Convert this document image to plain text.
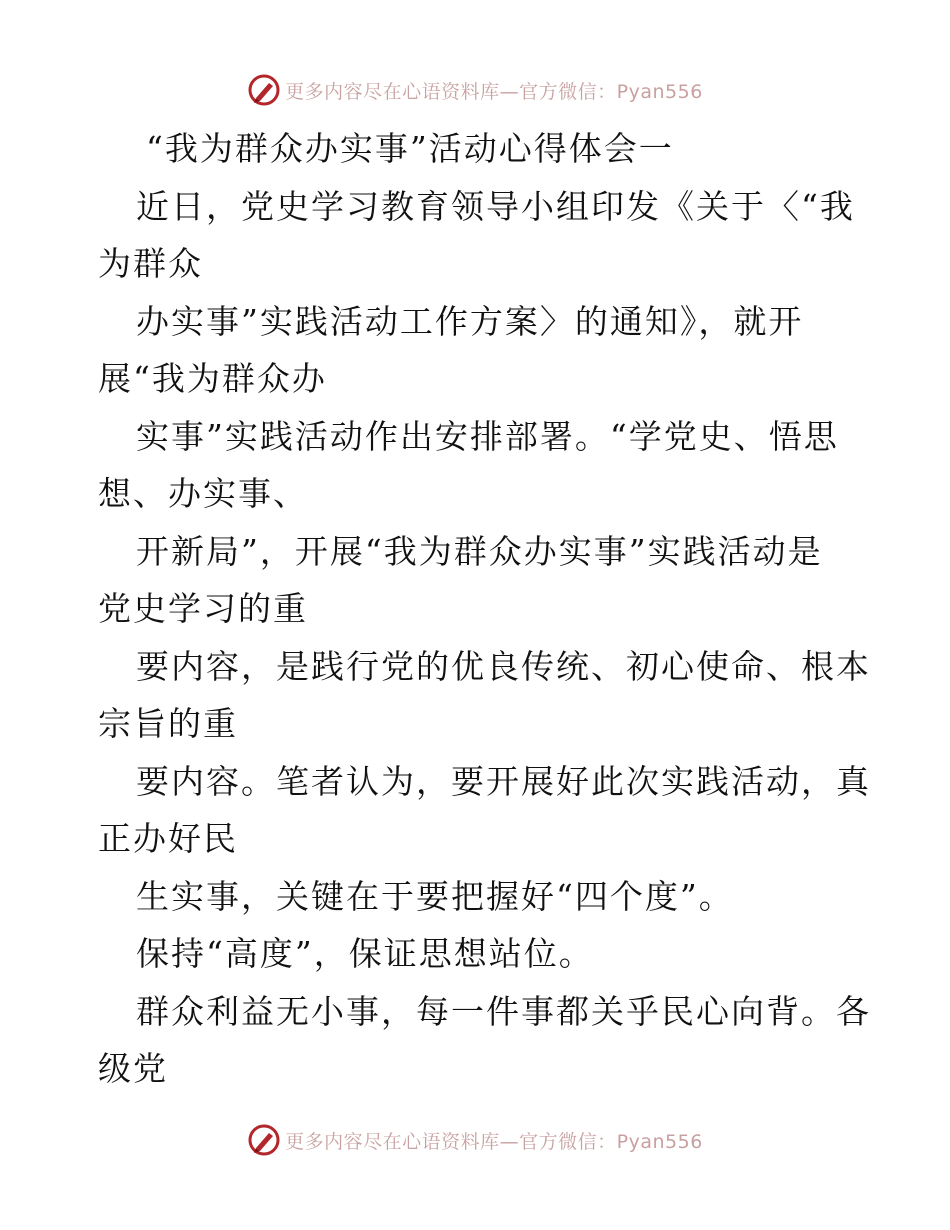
更多内容尽在心语资料库—官方微信：Pyan556
“我为群众办实事”活动心得体会一
近日，党史学习教育领导小组印发《关于〈“我
为群众
办实事”实践活动工作方案〉的通知》，就开
展“我为群众办
实事”实践活动作出安排部署。“学党史、悟思
想、办实事、
开新局”，开展“我为群众办实事”实践活动是
党史学习的重
要内容，是践行党的优良传统、初心使命、根本
宗旨的重
要内容。笔者认为，要开展好此次实践活动，真
正办好民
生实事，关键在于要把握好“四个度”。
保持“高度”，保证思想站位。
群众利益无小事，每一件事都关乎民心向背。各
级党
更多内容尽在心语资料库—官方微信：Pyan556
